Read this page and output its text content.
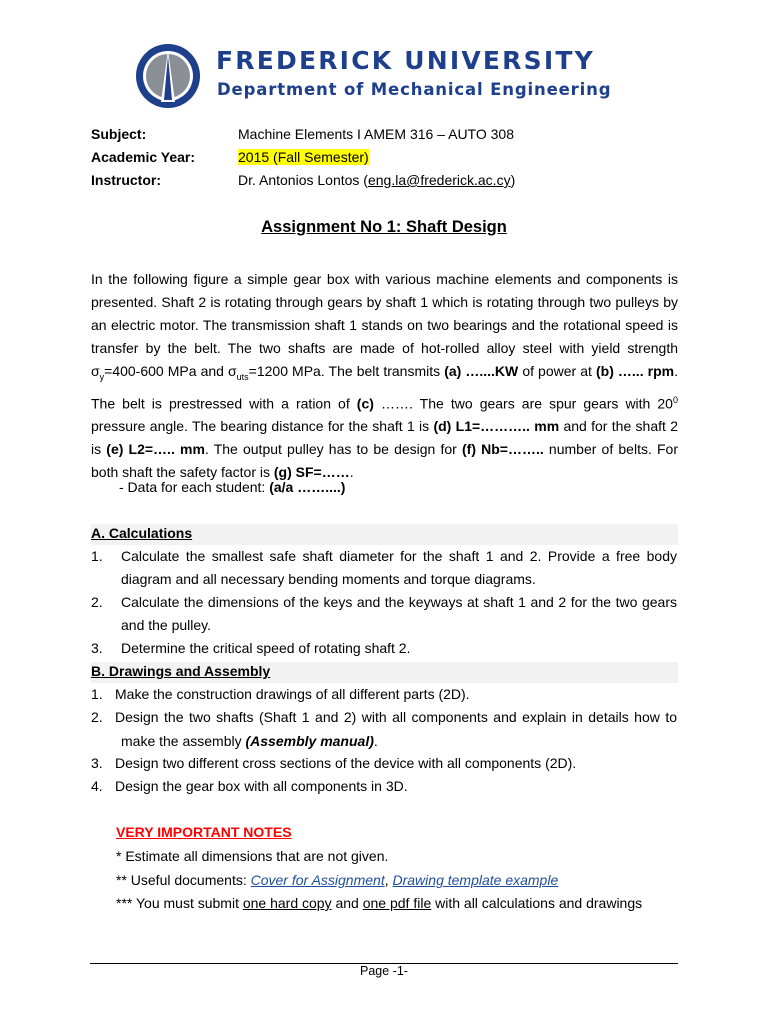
FREDERICK UNIVERSITY
Department of Mechanical Engineering
Subject:	Machine Elements I AMEM 316 – AUTO 308
Academic Year:	2015 (Fall Semester)
Instructor:	Dr. Antonios Lontos (eng.la@frederick.ac.cy)
Assignment No 1: Shaft Design
In the following figure a simple gear box with various machine elements and components is presented. Shaft 2 is rotating through gears by shaft 1 which is rotating through two pulleys by an electric motor. The transmission shaft 1 stands on two bearings and the rotational speed is transfer by the belt. The two shafts are made of hot-rolled alloy steel with yield strength $\sigma_y=400-600$ MPa and $\sigma_{uts}=1200$ MPa. The belt transmits (a) …....KW of power at (b) …... rpm. The belt is prestressed with a ration of (c) ……. The two gears are spur gears with $20^0$ pressure angle. The bearing distance for the shaft 1 is (d) L1=……….. mm and for the shaft 2 is (e) L2=….. mm. The output pulley has to be design for (f) Nb=…….. number of belts. For both shaft the safety factor is (g) SF=…….
- Data for each student: (a/a ……....)
A. Calculations
1. Calculate the smallest safe shaft diameter for the shaft 1 and 2. Provide a free body
diagram and all necessary bending moments and torque diagrams.
2. Calculate the dimensions of the keys and the keyways at shaft 1 and 2 for the two gears
and the pulley.
3. Determine the critical speed of rotating shaft 2.
B. Drawings and Assembly
1. Make the construction drawings of all different parts (2D).
2. Design the two shafts (Shaft 1 and 2) with all components and explain in details how to
make the assembly (Assembly manual).
3. Design two different cross sections of the device with all components (2D).
4. Design the gear box with all components in 3D.
VERY IMPORTANT NOTES
* Estimate all dimensions that are not given.
** Useful documents: Cover for Assignment, Drawing template example
*** You must submit one hard copy and one pdf file with all calculations and drawings
Page -1-
